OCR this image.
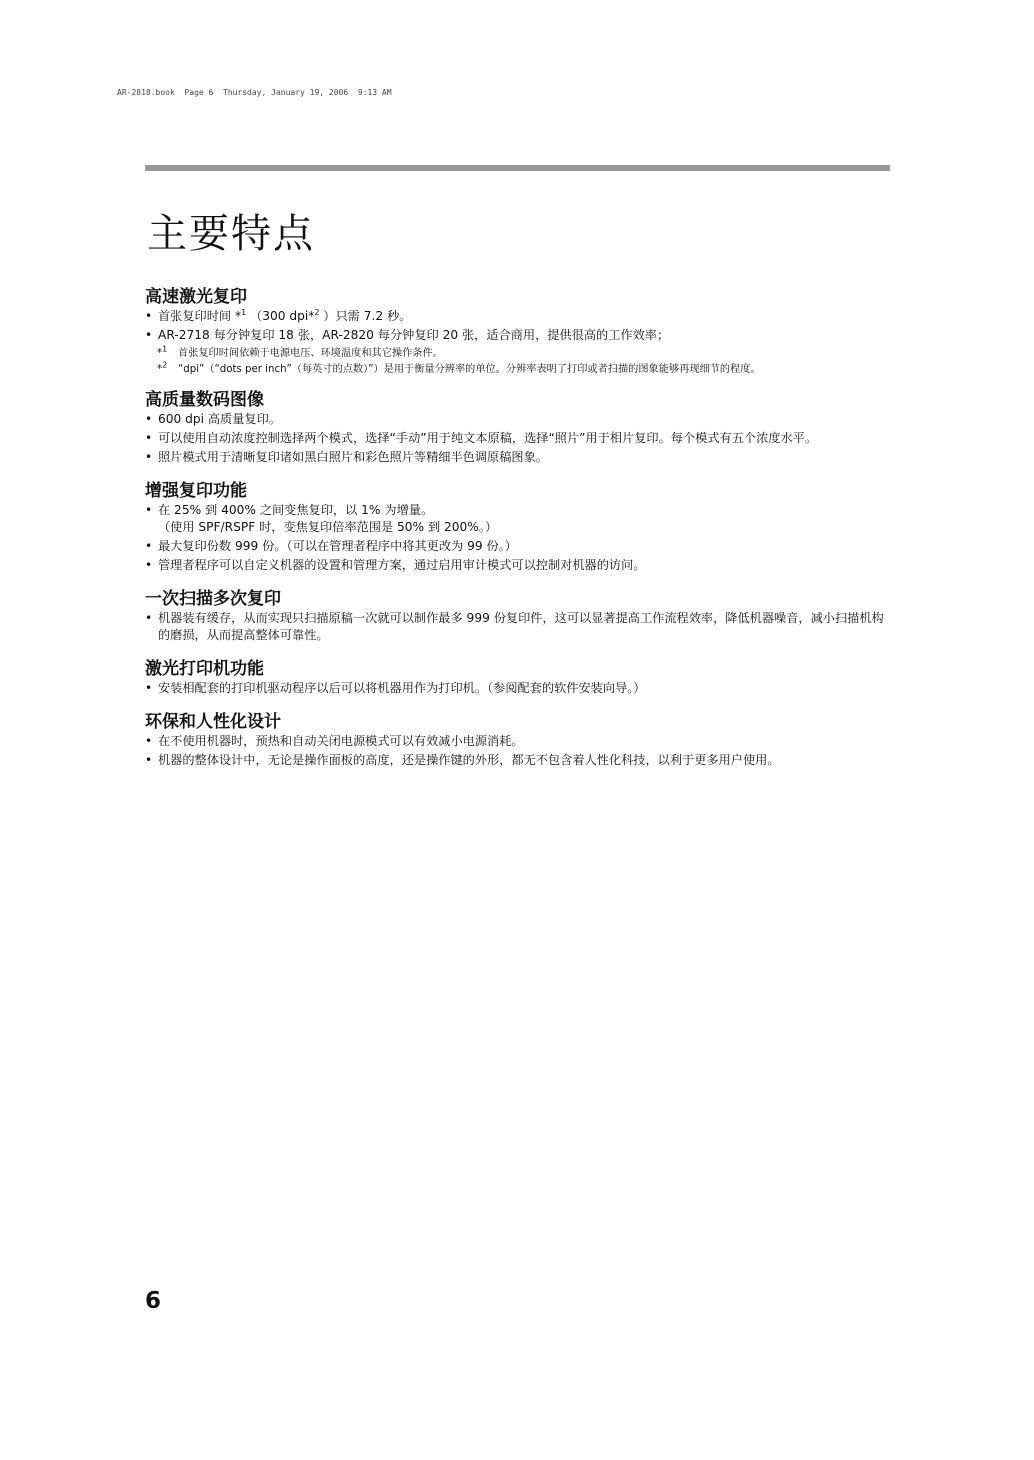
AR-2818.book  Page 6  Thursday, January 19, 2006  9:13 AM
主要特点
高速激光复印
• 首张复印时间 *$^1$ （300 dpi*$^2$ ）只需 7.2 秒。
• AR-2718 每分钟复印 18 张，AR-2820 每分钟复印 20 张，适合商用，提供很高的工作效率；
*$^1$ 首张复印时间依赖于电源电压、环境温度和其它操作条件。
*$^2$ “dpi”（“dots per inch”（每英寸的点数）”）是用于衡量分辨率的单位。分辨率表明了打印或者扫描的图象能够再现细节的程度。
高质量数码图像
• 600 dpi 高质量复印。
• 可以使用自动浓度控制选择两个模式，选择“手动”用于纯文本原稿，选择“照片”用于相片复印。每个模式有五个浓度水平。
• 照片模式用于清晰复印诸如黑白照片和彩色照片等精细半色调原稿图象。
增强复印功能
• 在 25% 到 400% 之间变焦复印，以 1% 为增量。
（使用 SPF/RSPF 时，变焦复印倍率范围是 50% 到 200%。）
• 最大复印份数 999 份。（可以在管理者程序中将其更改为 99 份。）
• 管理者程序可以自定义机器的设置和管理方案，通过启用审计模式可以控制对机器的访问。
一次扫描多次复印
• 机器装有缓存，从而实现只扫描原稿一次就可以制作最多 999 份复印件，这可以显著提高工作流程效率，降低机器噪音，减小扫描机构的磨损，从而提高整体可靠性。
激光打印机功能
• 安装相配套的打印机驱动程序以后可以将机器用作为打印机。（参阅配套的软件安装向导。）
环保和人性化设计
• 在不使用机器时，预热和自动关闭电源模式可以有效减小电源消耗。
• 机器的整体设计中，无论是操作面板的高度，还是操作键的外形，都无不包含着人性化科技，以利于更多用户使用。
6
